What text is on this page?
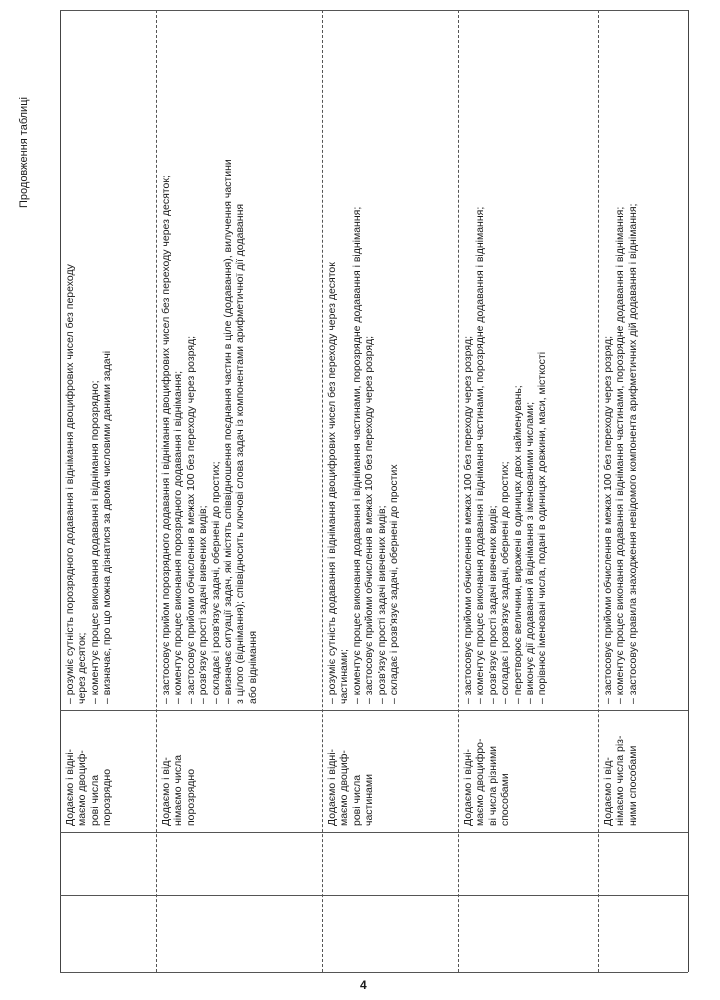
Продовження таблиці
Додаємо і відні- маємо двоциф- рові числа порозрядно
– розуміє сутність порозрядного додавання і віднімання двоцифрових чисел без переходу через десяток; – коментує процес виконання додавання і віднімання порозрядно; – визначає, про що можна дізнатися за двома числовими даними задачі
Додаємо і від- німаємо числа порозрядно
– застосовує прийом порозрядного додавання і віднімання двоцифрових чисел без переходу через десяток; – коментує процес виконання порозрядного додавання і віднімання; – застосовує прийоми обчислення в межах 100 без переходу через розряд; – розв'язує прості задачі вивчених видів; – складає і розв'язує задачі, обернені до простих; – визначає ситуації задач, які містять співвідношення поєднання частин в ціле (додавання), вилучення частини з цілого (віднімання); співвідносить ключові слова задач із компонентами арифметичної дії додавання або віднімання
Додаємо і відні- маємо двоциф- рові числа частинами
– розуміє сутність додавання і віднімання двоцифрових чисел без переходу через десяток частинами; – коментує процес виконання додавання і віднімання частинами, порозрядне додавання і віднімання; – застосовує прийоми обчислення в межах 100 без переходу через розряд; – розв'язує прості задачі вивчених видів; – складає і розв'язує задачі, обернені до простих
Додаємо і відні- маємо двоцифро- ві числа різними способами
– застосовує прийоми обчислення в межах 100 без переходу через розряд; – коментує процес виконання додавання і віднімання частинами, порозрядне додавання і віднімання; – розв'язує прості задачі вивчених видів; – складає і розв'язує задачі, обернені до простих; – перетворює величини, виражені в одиницях двох найменувань; – виконує дії додавання й віднімання з іменованими числами; – порівнює іменовані числа, подані в одиницях довжини, маси, місткості
Додаємо і від- німаємо числа різ- ними способами
– застосовує прийоми обчислення в межах 100 без переходу через розряд; – коментує процес виконання додавання і віднімання частинами, порозрядне додавання і віднімання; – застосовує правила знаходження невідомого компонента арифметичних дій додавання і віднімання;
4
